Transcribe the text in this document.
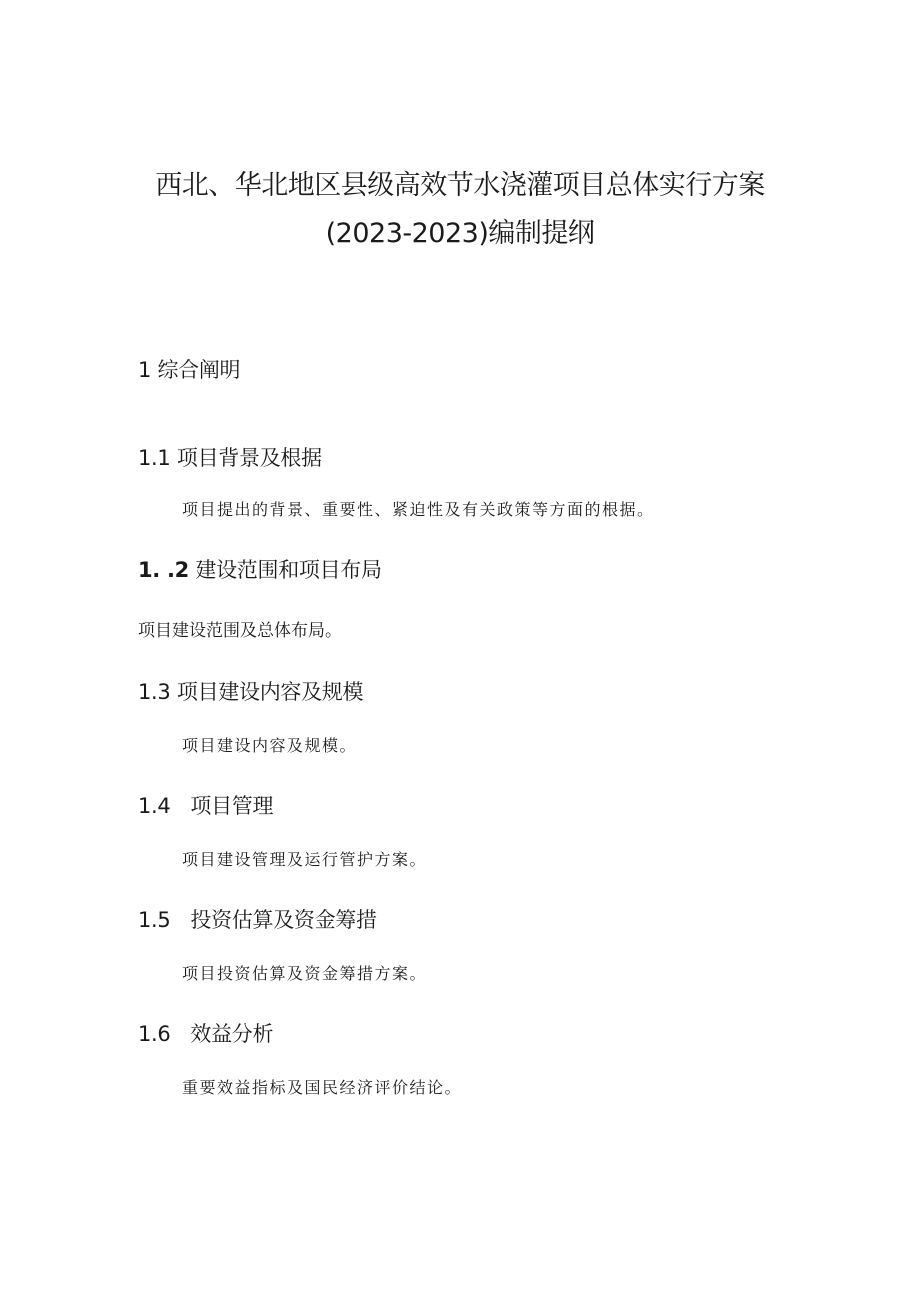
西北、华北地区县级高效节水浇灌项目总体实行方案
(2023-2023)编制提纲
1 综合阐明
1.1 项目背景及根据
项目提出的背景、重要性、紧迫性及有关政策等方面的根据。
1. .2 建设范围和项目布局
项目建设范围及总体布局。
1.3 项目建设内容及规模
项目建设内容及规模。
1.4 项目管理
项目建设管理及运行管护方案。
1.5 投资估算及资金筹措
项目投资估算及资金筹措方案。
1.6 效益分析
重要效益指标及国民经济评价结论。
